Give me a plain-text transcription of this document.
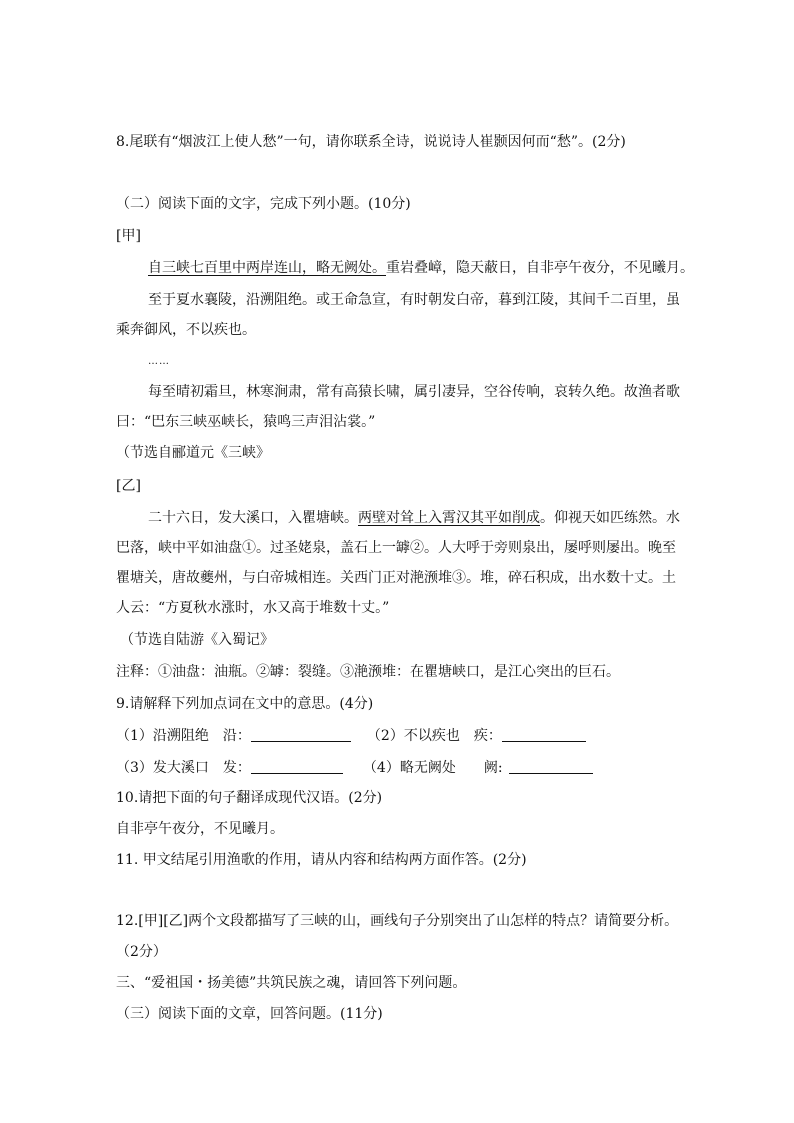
8.尾联有“烟波江上使人愁”一句，请你联系全诗，说说诗人崔颢因何而“愁”。(2分)
（二）阅读下面的文字，完成下列小题。(10分)
[甲]
自三峡七百里中两岸连山，略无阙处。重岩叠嶂，隐天蔽日，自非亭午夜分，不见曦月。
至于夏水襄陵，沿溯阻绝。或王命急宣，有时朝发白帝，暮到江陵，其间千二百里，虽
乘奔御风，不以疾也。
……
每至晴初霜旦，林寒涧肃，常有高猿长啸，属引凄异，空谷传响，哀转久绝。故渔者歌
曰：“巴东三峡巫峡长，猿鸣三声泪沾裳。”
（节选自郦道元《三峡》
[乙]
二十六日，发大溪口，入瞿塘峡。两壁对耸上入霄汉其平如削成。仰视天如匹练然。水
巴落，峡中平如油盘①。过圣姥泉，盖石上一罅②。人大呼于旁则泉出，屡呼则屡出。晚至
瞿塘关，唐故夔州，与白帝城相连。关西门正对滟滪堆③。堆，碎石积成，出水数十丈。土
人云：“方夏秋水涨时，水又高于堆数十丈。”
（节选自陆游《入蜀记》
注释：①油盘：油瓶。②罅：裂缝。③滟滪堆：在瞿塘峡口，是江心突出的巨石。
9.请解释下列加点词在文中的意思。(4分)
（1）沿溯阻绝　沿：	（2）不以疾也　疾：
（3）发大溪口　发：	（4）略无阙处　　阙:
10.请把下面的句子翻译成现代汉语。(2分)
自非亭午夜分，不见曦月。
11. 甲文结尾引用渔歌的作用，请从内容和结构两方面作答。(2分)
12.[甲][乙]两个文段都描写了三峡的山，画线句子分别突出了山怎样的特点？请简要分析。
（2分）
三、“爱祖国・扬美德”共筑民族之魂，请回答下列问题。
（三）阅读下面的文章，回答问题。(11分)
